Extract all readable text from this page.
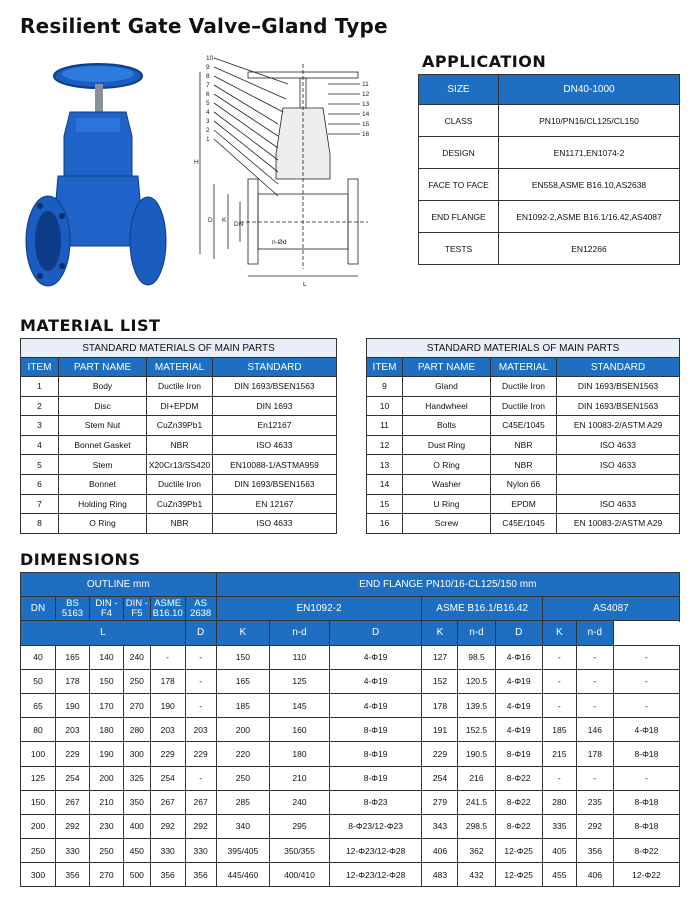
Resilient Gate Valve–Gland Type
10
9
8
7
6
5
4
3
2
1
11
12
13
14
15
16
H
D K
DN
n-Ød
L
APPLICATION
SIZE	DN40-1000
CLASS	PN10/PN16/CL125/CL150
DESIGN	EN1171,EN1074-2
FACE TO FACE	EN558,ASME B16.10,AS2638
END FLANGE	EN1092-2,ASME B16.1/16.42,AS4087
TESTS	EN12266
MATERIAL LIST
STANDARD MATERIALS OF MAIN PARTS			
ITEM	PART NAME	MATERIAL	STANDARD
1	Body	Ductile Iron	DIN 1693/BSEN1563
2	Disc	DI+EPDM	DIN 1693
3	Stem Nut	CuZn39Pb1	En12167
4	Bonnet Gasket	NBR	ISO 4633
5	Stem	X20Cr13/SS420	EN10088-1/ASTMA959
6	Bonnet	Ductile Iron	DIN 1693/BSEN1563
7	Holding Ring	CuZn39Pb1	EN 12167
8	O Ring	NBR	ISO 4633
STANDARD MATERIALS OF MAIN PARTS			
ITEM	PART NAME	MATERIAL	STANDARD
9	Gland	Ductile Iron	DIN 1693/BSEN1563
10	Handwheel	Ductile Iron	DIN 1693/BSEN1563
11	Bolts	C45E/1045	EN 10083-2/ASTM A29
12	Dust Ring	NBR	ISO 4633
13	O Ring	NBR	ISO 4633
14	Washer	Nylon 66	
15	U Ring	EPDM	ISO 4633
16	Screw	C45E/1045	EN 10083-2/ASTM A29
DIMENSIONS
OUTLINE mm						END FLANGE PN10/16-CL125/150 mm								
DN	BS 5163	DIN -F4	DIN -F5	ASME B16.10	AS 2638	EN1092-2			ASME B16.1/B16.42			AS4087		

L					D	K	n-d	D	K	n-d	D	K	n-d	
40	165	140	240	-	-	150	110	4-Φ19	127	98.5	4-Φ16	-	-	-
50	178	150	250	178	-	165	125	4-Φ19	152	120.5	4-Φ19	-	-	-
65	190	170	270	190	-	185	145	4-Φ19	178	139.5	4-Φ19	-	-	-
80	203	180	280	203	203	200	160	8-Φ19	191	152.5	4-Φ19	185	146	4-Φ18
100	229	190	300	229	229	220	180	8-Φ19	229	190.5	8-Φ19	215	178	8-Φ18
125	254	200	325	254	-	250	210	8-Φ19	254	216	8-Φ22	-	-	-
150	267	210	350	267	267	285	240	8-Φ23	279	241.5	8-Φ22	280	235	8-Φ18
200	292	230	400	292	292	340	295	8-Φ23/12-Φ23	343	298.5	8-Φ22	335	292	8-Φ18
250	330	250	450	330	330	395/405	350/355	12-Φ23/12-Φ28	406	362	12-Φ25	405	356	8-Φ22
300	356	270	500	356	356	445/460	400/410	12-Φ23/12-Φ28	483	432	12-Φ25	455	406	12-Φ22
